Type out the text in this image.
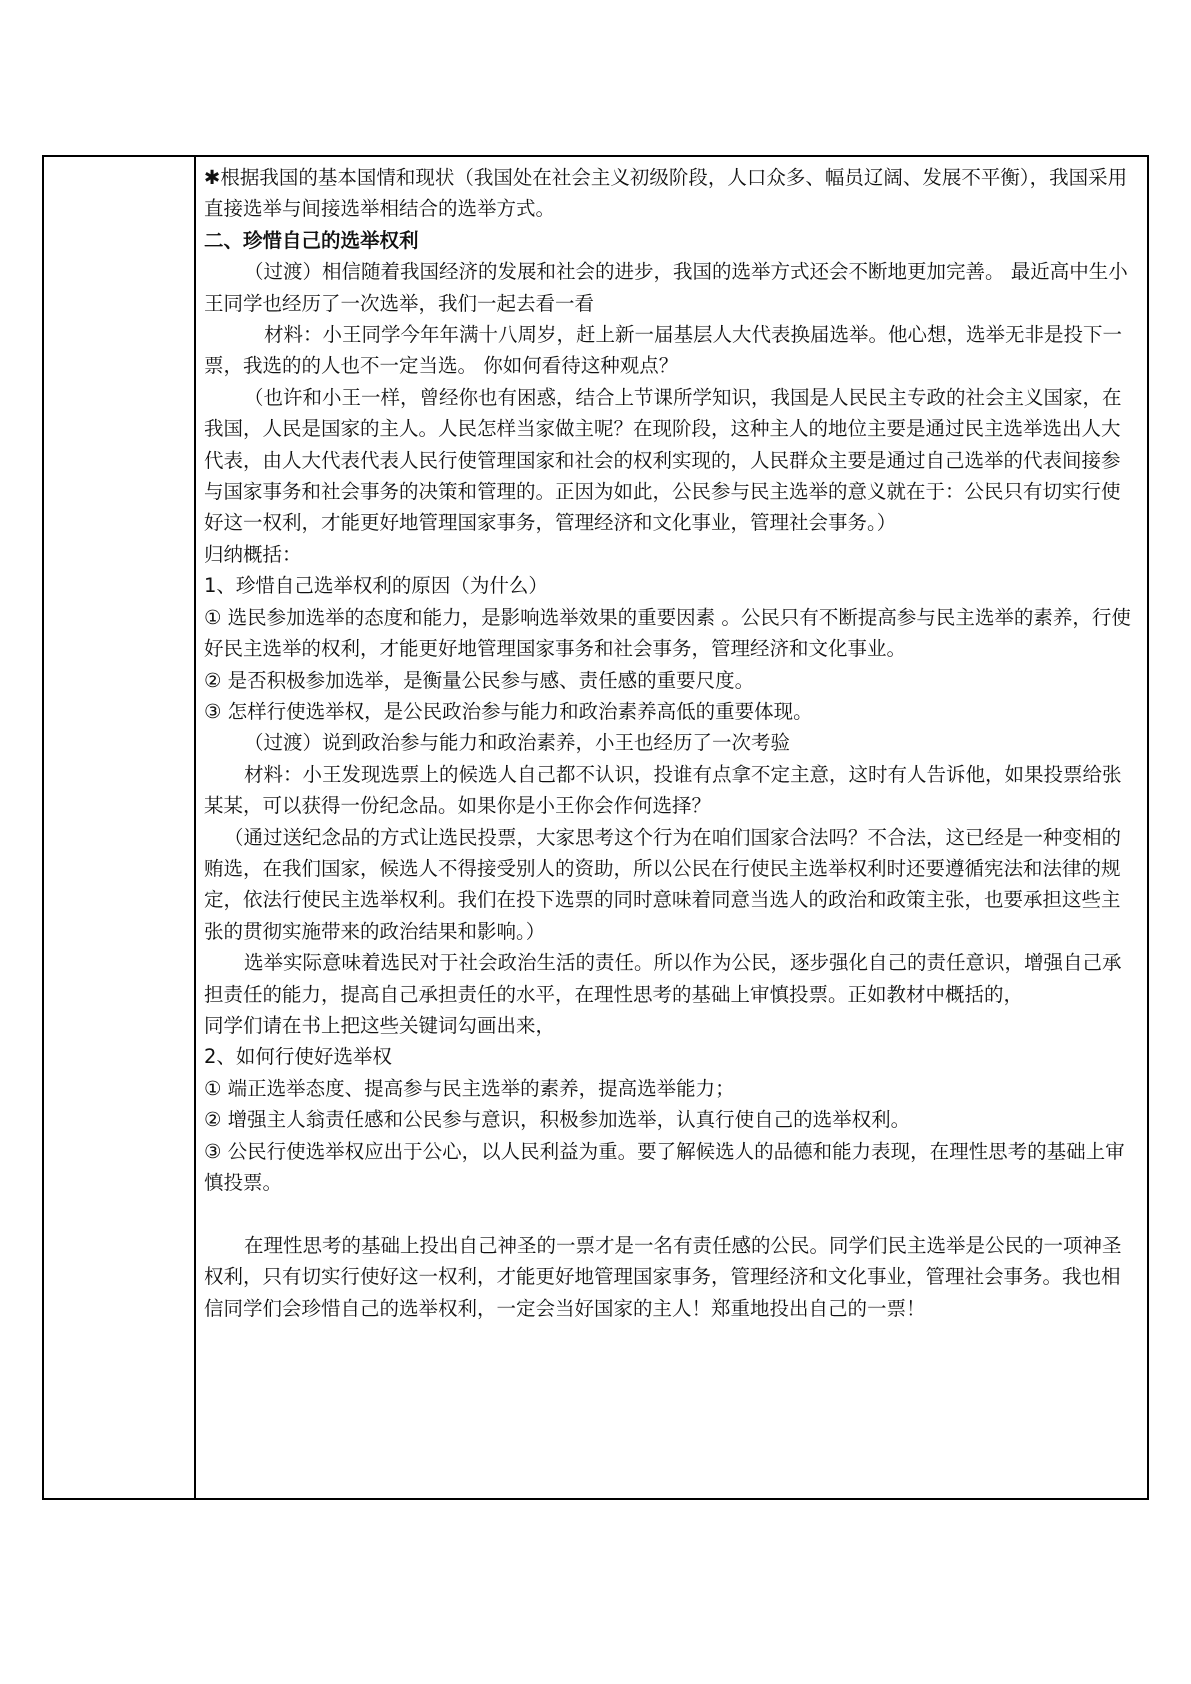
✱根据我国的基本国情和现状（我国处在社会主义初级阶段，人口众多、幅员辽阔、发展不平衡），我国采用直接选举与间接选举相结合的选举方式。

二、珍惜自己的选举权利

（过渡）相信随着我国经济的发展和社会的进步，我国的选举方式还会不断地更加完善。 最近高中生小王同学也经历了一次选举，我们一起去看一看

材料：小王同学今年年满十八周岁，赶上新一届基层人大代表换届选举。他心想，选举无非是投下一票，我选的的人也不一定当选。 你如何看待这种观点？

（也许和小王一样，曾经你也有困惑，结合上节课所学知识，我国是人民民主专政的社会主义国家，在我国，人民是国家的主人。人民怎样当家做主呢？在现阶段，这种主人的地位主要是通过民主选举选出人大代表，由人大代表代表人民行使管理国家和社会的权利实现的，人民群众主要是通过自己选举的代表间接参与国家事务和社会事务的决策和管理的。正因为如此，公民参与民主选举的意义就在于：公民只有切实行使好这一权利，才能更好地管理国家事务，管理经济和文化事业，管理社会事务。）

归纳概括：

1、珍惜自己选举权利的原因（为什么）

① 选民参加选举的态度和能力，是影响选举效果的重要因素 。公民只有不断提高参与民主选举的素养，行使好民主选举的权利，才能更好地管理国家事务和社会事务，管理经济和文化事业。

② 是否积极参加选举，是衡量公民参与感、责任感的重要尺度。

③ 怎样行使选举权，是公民政治参与能力和政治素养高低的重要体现。

（过渡）说到政治参与能力和政治素养，小王也经历了一次考验

材料：小王发现选票上的候选人自己都不认识，投谁有点拿不定主意，这时有人告诉他，如果投票给张某某，可以获得一份纪念品。如果你是小王你会作何选择？

（通过送纪念品的方式让选民投票，大家思考这个行为在咱们国家合法吗？不合法，这已经是一种变相的贿选，在我们国家，候选人不得接受别人的资助，所以公民在行使民主选举权利时还要遵循宪法和法律的规定，依法行使民主选举权利。我们在投下选票的同时意味着同意当选人的政治和政策主张，也要承担这些主张的贯彻实施带来的政治结果和影响。）

选举实际意味着选民对于社会政治生活的责任。所以作为公民，逐步强化自己的责任意识，增强自己承担责任的能力，提高自己承担责任的水平，在理性思考的基础上审慎投票。正如教材中概括的，

同学们请在书上把这些关键词勾画出来，

2、如何行使好选举权

① 端正选举态度、提高参与民主选举的素养，提高选举能力；

② 增强主人翁责任感和公民参与意识，积极参加选举，认真行使自己的选举权利。

③ 公民行使选举权应出于公心，以人民利益为重。要了解候选人的品德和能力表现，在理性思考的基础上审慎投票。

在理性思考的基础上投出自己神圣的一票才是一名有责任感的公民。同学们民主选举是公民的一项神圣权利，只有切实行使好这一权利，才能更好地管理国家事务，管理经济和文化事业，管理社会事务。我也相信同学们会珍惜自己的选举权利，一定会当好国家的主人！郑重地投出自己的一票！
